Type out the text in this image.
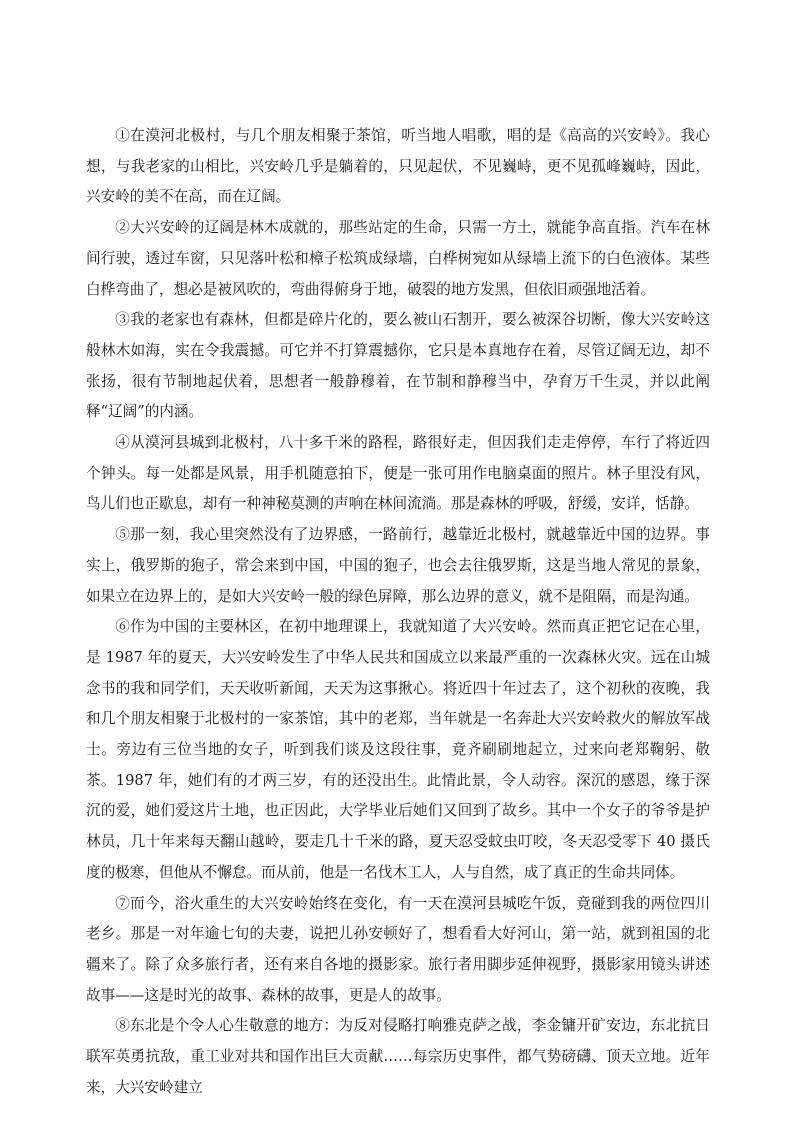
①在漠河北极村，与几个朋友相聚于茶馆，听当地人唱歌，唱的是《高高的兴安岭》。我心想，与我老家的山相比，兴安岭几乎是躺着的，只见起伏，不见巍峙，更不见孤峰巍峙，因此，兴安岭的美不在高，而在辽阔。

②大兴安岭的辽阔是林木成就的，那些站定的生命，只需一方土，就能争高直指。汽车在林间行驶，透过车窗，只见落叶松和樟子松筑成绿墙，白桦树宛如从绿墙上流下的白色液体。某些白桦弯曲了，想必是被风吹的，弯曲得俯身于地，破裂的地方发黑，但依旧顽强地活着。

③我的老家也有森林，但都是碎片化的，要么被山石割开，要么被深谷切断，像大兴安岭这般林木如海，实在令我震撼。可它并不打算震撼你，它只是本真地存在着，尽管辽阔无边，却不张扬，很有节制地起伏着，思想者一般静穆着，在节制和静穆当中，孕育万千生灵，并以此阐释“辽阔”的内涵。

④从漠河县城到北极村，八十多千米的路程，路很好走，但因我们走走停停，车行了将近四个钟头。每一处都是风景，用手机随意拍下，便是一张可用作电脑桌面的照片。林子里没有风，鸟儿们也正歇息，却有一种神秘莫测的声响在林间流淌。那是森林的呼吸，舒缓，安详，恬静。

⑤那一刻，我心里突然没有了边界感，一路前行，越靠近北极村，就越靠近中国的边界。事实上，俄罗斯的狍子，常会来到中国，中国的狍子，也会去往俄罗斯，这是当地人常见的景象，如果立在边界上的，是如大兴安岭一般的绿色屏障，那么边界的意义，就不是阻隔，而是沟通。

⑥作为中国的主要林区，在初中地理课上，我就知道了大兴安岭。然而真正把它记在心里，是 1987 年的夏天，大兴安岭发生了中华人民共和国成立以来最严重的一次森林火灾。远在山城念书的我和同学们，天天收听新闻，天天为这事揪心。将近四十年过去了，这个初秋的夜晚，我和几个朋友相聚于北极村的一家茶馆，其中的老郑，当年就是一名奔赴大兴安岭救火的解放军战士。旁边有三位当地的女子，听到我们谈及这段往事，竟齐刷刷地起立，过来向老郑鞠躬、敬茶。1987 年，她们有的才两三岁，有的还没出生。此情此景，令人动容。深沉的感恩，缘于深沉的爱，她们爱这片土地，也正因此，大学毕业后她们又回到了故乡。其中一个女子的爷爷是护林员，几十年来每天翻山越岭，要走几十千米的路，夏天忍受蚊虫叮咬，冬天忍受零下 40 摄氏度的极寒，但他从不懈怠。而从前，他是一名伐木工人，人与自然，成了真正的生命共同体。

⑦而今，浴火重生的大兴安岭始终在变化，有一天在漠河县城吃午饭，竟碰到我的两位四川老乡。那是一对年逾七旬的夫妻，说把儿孙安顿好了，想看看大好河山，第一站，就到祖国的北疆来了。除了众多旅行者，还有来自各地的摄影家。旅行者用脚步延伸视野，摄影家用镜头讲述故事——这是时光的故事、森林的故事，更是人的故事。

⑧东北是个令人心生敬意的地方：为反对侵略打响雅克萨之战，李金镛开矿安边，东北抗日联军英勇抗敌，重工业对共和国作出巨大贡献……每宗历史事件，都气势磅礴、顶天立地。近年来，大兴安岭建立
